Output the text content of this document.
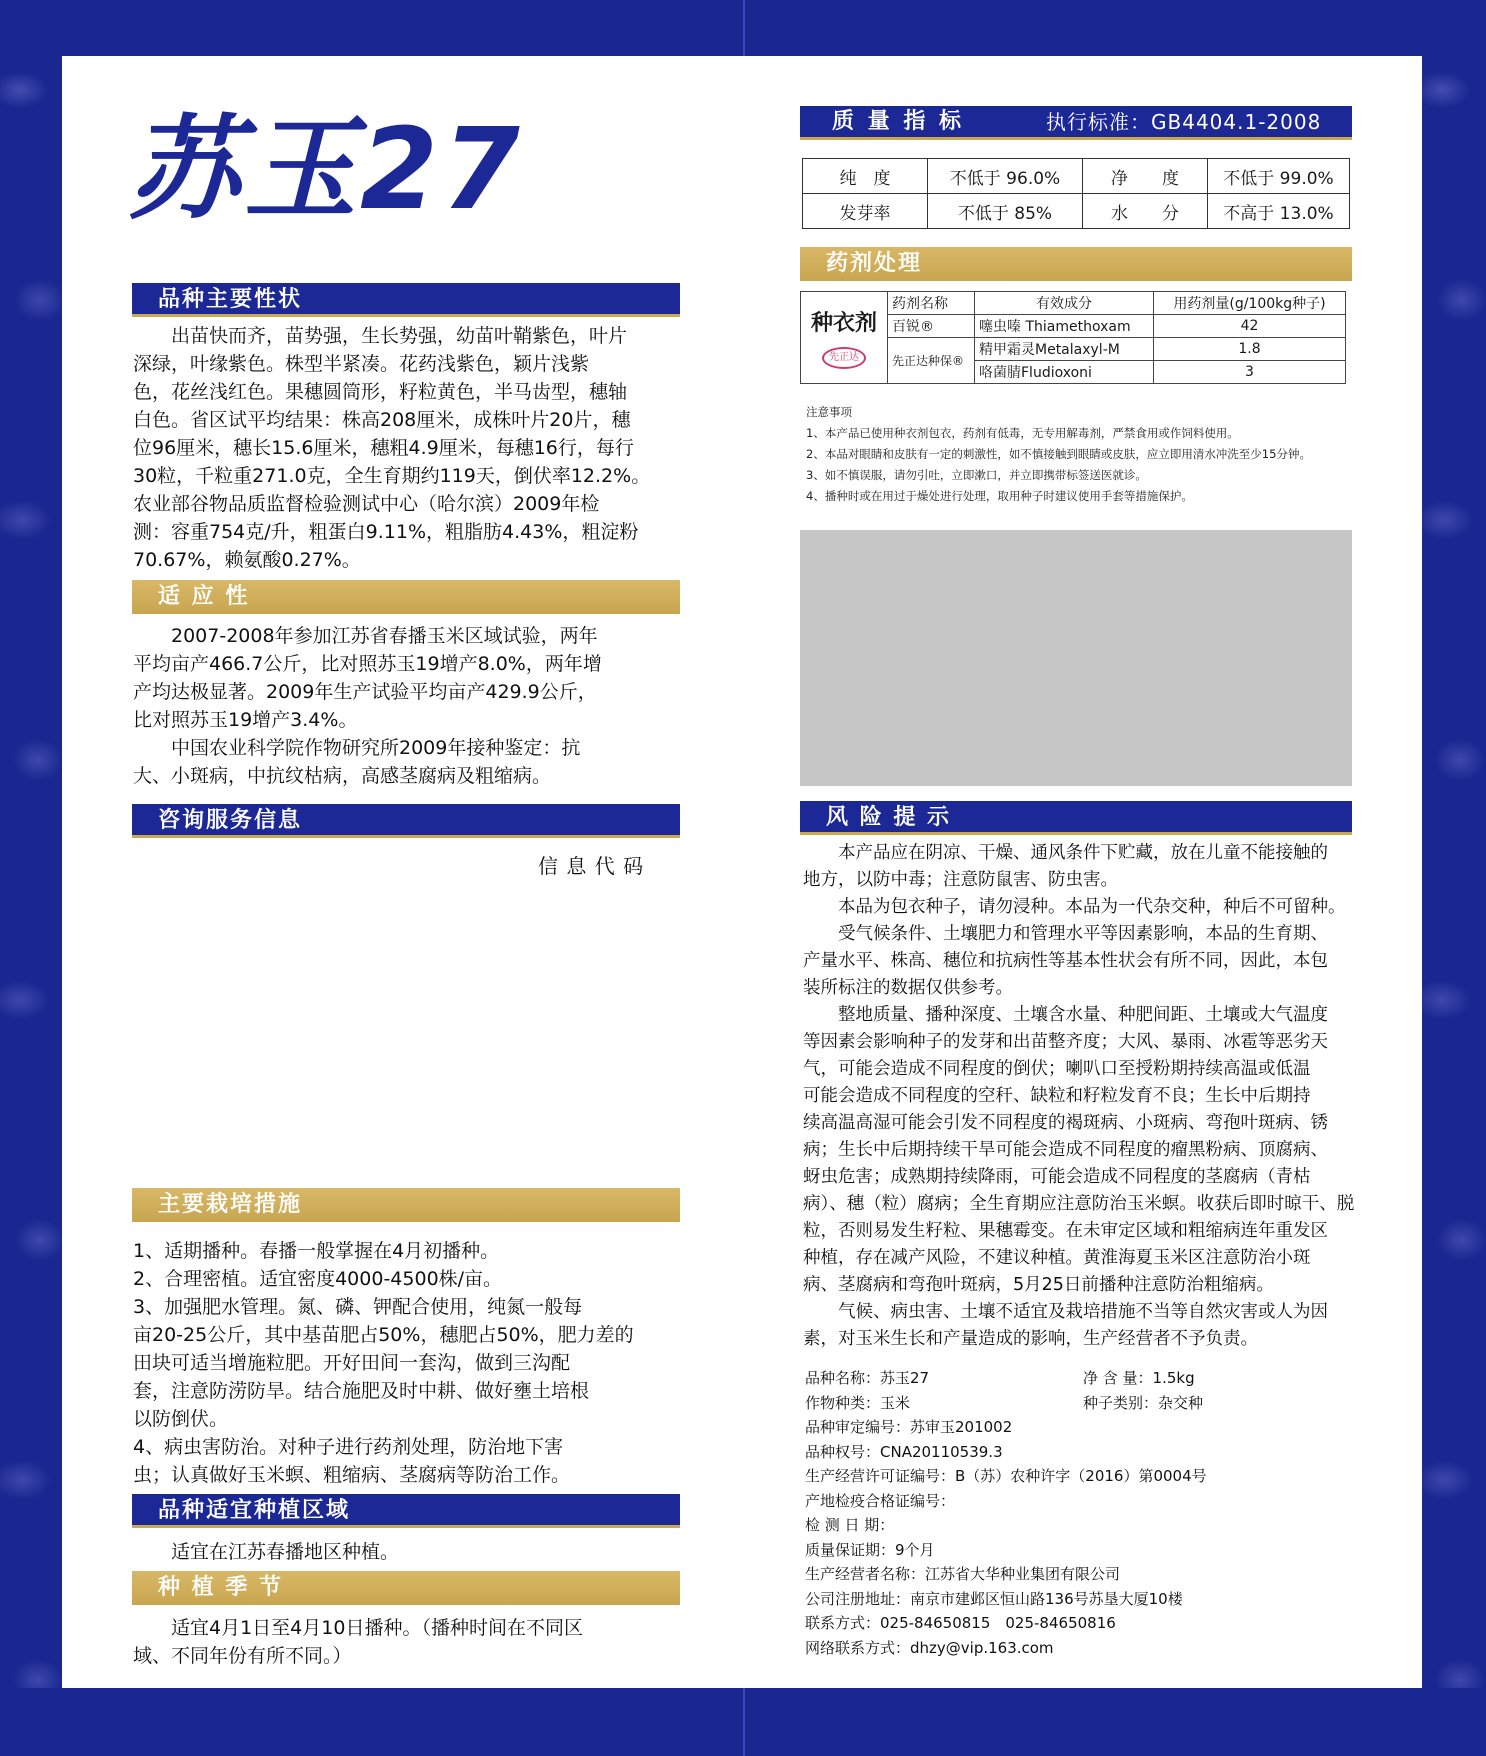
苏玉27
品种主要性状

出苗快而齐，苗势强，生长势强，幼苗叶鞘紫色，叶片

深绿，叶缘紫色。株型半紧凑。花药浅紫色，颖片浅紫

色，花丝浅红色。果穗圆筒形，籽粒黄色，半马齿型，穗轴

白色。省区试平均结果：株高208厘米，成株叶片20片，穗

位96厘米，穗长15.6厘米，穗粗4.9厘米，每穗16行，每行

30粒，千粒重271.0克，全生育期约119天，倒伏率12.2%。

农业部谷物品质监督检验测试中心（哈尔滨）2009年检

测：容重754克/升，粗蛋白9.11%，粗脂肪4.43%，粗淀粉

70.67%，赖氨酸0.27%。

适 应 性

2007-2008年参加江苏省春播玉米区域试验，两年

平均亩产466.7公斤，比对照苏玉19增产8.0%，两年增

产均达极显著。2009年生产试验平均亩产429.9公斤，

比对照苏玉19增产3.4%。

中国农业科学院作物研究所2009年接种鉴定：抗

大、小斑病，中抗纹枯病，高感茎腐病及粗缩病。

咨询服务信息
信 息 代 码
主要栽培措施

1、适期播种。春播一般掌握在4月初播种。

2、合理密植。适宜密度4000-4500株/亩。

3、加强肥水管理。氮、磷、钾配合使用，纯氮一般每

亩20-25公斤，其中基苗肥占50%，穗肥占50%，肥力差的

田块可适当增施粒肥。开好田间一套沟，做到三沟配

套，注意防涝防旱。结合施肥及时中耕、做好壅土培根

以防倒伏。

4、病虫害防治。对种子进行药剂处理，防治地下害

虫；认真做好玉米螟、粗缩病、茎腐病等防治工作。

品种适宜种植区域
适宜在江苏春播地区种植。
种 植 季 节

适宜4月1日至4月10日播种。（播种时间在不同区

域、不同年份有所不同。）

质 量 指 标	执行标准：GB4404.1-2008
纯　度	不低于 96.0%	净　　度	不低于 99.0%
发芽率	不低于 85%	水　　分	不高于 13.0%
药剂处理
种衣剂
先正达	药剂名称	有效成分	用药剂量(g/100kg种子)
	百锐®	噻虫嗪 Thiamethoxam	42
	先正达种保®	精甲霜灵Metalaxyl-M	1.8
		咯菌腈Fludioxoni	3

注意事项

1、本产品已使用种衣剂包衣，药剂有低毒，无专用解毒剂，严禁食用或作饲料使用。

2、本品对眼睛和皮肤有一定的刺激性，如不慎接触到眼睛或皮肤，应立即用清水冲洗至少15分钟。

3、如不慎误服，请勿引吐，立即漱口，并立即携带标签送医就诊。

4、播种时或在用过于燥处进行处理，取用种子时建议使用手套等措施保护。

风 险 提 示

本产品应在阴凉、干燥、通风条件下贮藏，放在儿童不能接触的

地方，以防中毒；注意防鼠害、防虫害。

本品为包衣种子，请勿浸种。本品为一代杂交种，种后不可留种。

受气候条件、土壤肥力和管理水平等因素影响，本品的生育期、

产量水平、株高、穗位和抗病性等基本性状会有所不同，因此，本包

装所标注的数据仅供参考。

整地质量、播种深度、土壤含水量、种肥间距、土壤或大气温度

等因素会影响种子的发芽和出苗整齐度；大风、暴雨、冰雹等恶劣天

气，可能会造成不同程度的倒伏；喇叭口至授粉期持续高温或低温

可能会造成不同程度的空秆、缺粒和籽粒发育不良；生长中后期持

续高温高湿可能会引发不同程度的褐斑病、小斑病、弯孢叶斑病、锈

病；生长中后期持续干旱可能会造成不同程度的瘤黑粉病、顶腐病、

蚜虫危害；成熟期持续降雨，可能会造成不同程度的茎腐病（青枯

病）、穗（粒）腐病；全生育期应注意防治玉米螟。收获后即时晾干、脱

粒，否则易发生籽粒、果穗霉变。在未审定区域和粗缩病连年重发区

种植，存在减产风险，不建议种植。黄淮海夏玉米区注意防治小斑

病、茎腐病和弯孢叶斑病，5月25日前播种注意防治粗缩病。

气候、病虫害、土壤不适宜及栽培措施不当等自然灾害或人为因

素，对玉米生长和产量造成的影响，生产经营者不予负责。

品种名称：苏玉27	净 含 量：1.5kg
作物种类：玉米	种子类别：杂交种
品种审定编号：苏审玉201002
品种权号：CNA20110539.3
生产经营许可证编号：B（苏）农种许字（2016）第0004号
产地检疫合格证编号：
检 测 日 期：
质量保证期：9个月
生产经营者名称：江苏省大华种业集团有限公司
公司注册地址：南京市建邺区恒山路136号苏垦大厦10楼
联系方式：025-84650815　025-84650816
网络联系方式：dhzy@vip.163.com
